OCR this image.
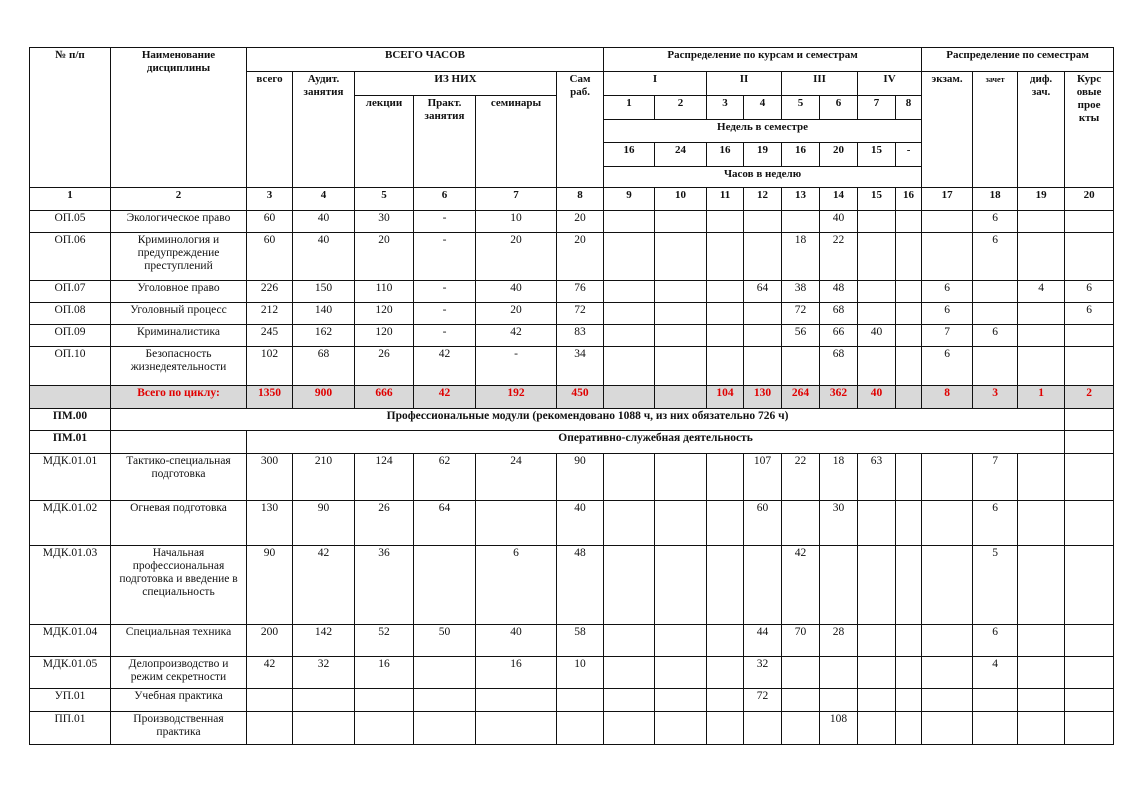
№ п/п	Наименование дисциплины	ВСЕГО ЧАСОВ						Распределение по курсам и семестрам								Распределение по семестрам			
		всего	Аудит. занятия	ИЗ НИХ			Сам раб.	I		II		III		IV		экзам.	зачет	диф. зач.	Курс овые прое кты
				лекции	Практ. занятия	семинары		1	2	3	4	5	6	7	8				
								Недель в семестре											
								16	24	16	19	16	20	15	-				
								Часов в неделю											
1	2	3	4	5	6	7	8	9	10	11	12	13	14	15	16	17	18	19	20
ОП.05	Экологическое право	60	40	30	-	10	20						40				6		
ОП.06	Криминология и предупреждение преступлений	60	40	20	-	20	20					18	22				6		
ОП.07	Уголовное право	226	150	110	-	40	76				64	38	48			6		4	6
ОП.08	Уголовный процесс	212	140	120	-	20	72					72	68			6			6
ОП.09	Криминалистика	245	162	120	-	42	83					56	66	40		7	6		
ОП.10	Безопасность жизнедеятельности	102	68	26	42	-	34						68			6			
	Всего по циклу:	1350	900	666	42	192	450			104	130	264	362	40		8	3	1	2
ПМ.00	Профессиональные модули (рекомендовано 1088 ч, из них обязательно 726 ч)																		
ПМ.01		Оперативно-служебная деятельность																	
МДК.01.01	Тактико-специальная подготовка	300	210	124	62	24	90				107	22	18	63			7		
МДК.01.02	Огневая подготовка	130	90	26	64		40				60		30				6		
МДК.01.03	Начальная профессиональная подготовка и введение в специальность	90	42	36		6	48					42					5		
МДК.01.04	Специальная техника	200	142	52	50	40	58				44	70	28				6		
МДК.01.05	Делопроизводство и режим секретности	42	32	16		16	10				32						4		
УП.01	Учебная практика										72								
ПП.01	Производственная практика												108						
